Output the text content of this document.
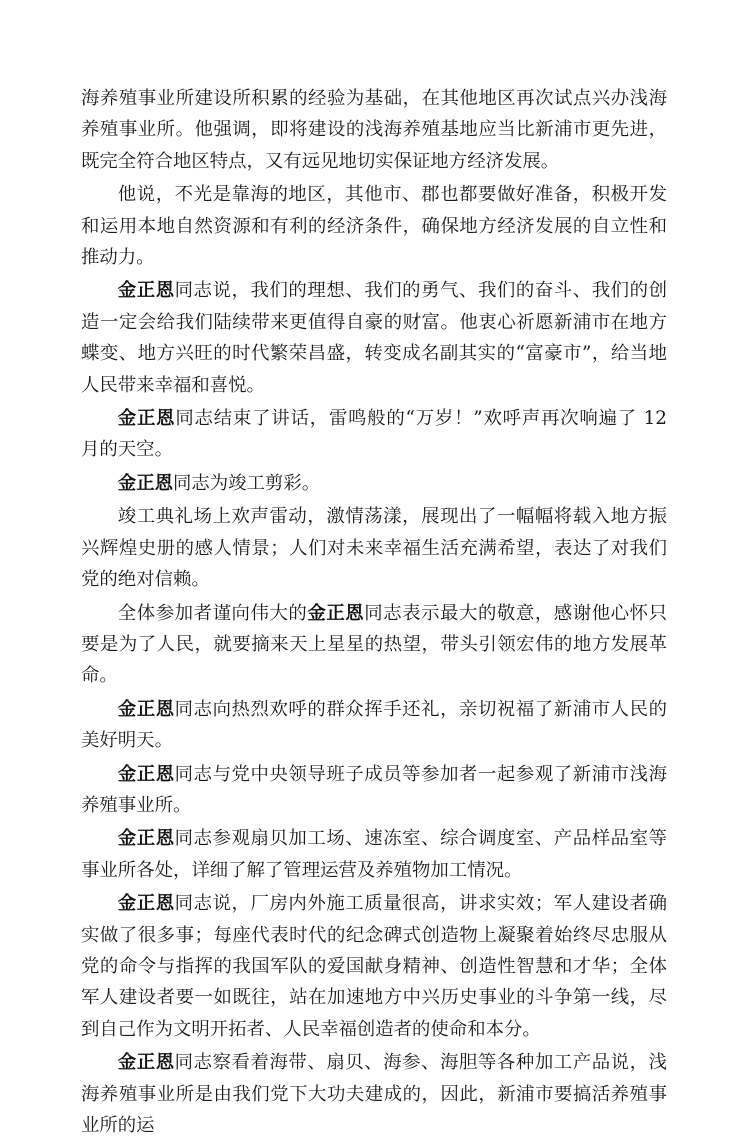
海养殖事业所建设所积累的经验为基础，在其他地区再次试点兴办浅海养殖事业所。他强调，即将建设的浅海养殖基地应当比新浦市更先进，既完全符合地区特点，又有远见地切实保证地方经济发展。

他说，不光是靠海的地区，其他市、郡也都要做好准备，积极开发和运用本地自然资源和有利的经济条件，确保地方经济发展的自立性和推动力。

金正恩同志说，我们的理想、我们的勇气、我们的奋斗、我们的创造一定会给我们陆续带来更值得自豪的财富。他衷心祈愿新浦市在地方蝶变、地方兴旺的时代繁荣昌盛，转变成名副其实的“富豪市”，给当地人民带来幸福和喜悦。

金正恩同志结束了讲话，雷鸣般的“万岁！”欢呼声再次响遍了 12 月的天空。

金正恩同志为竣工剪彩。

竣工典礼场上欢声雷动，激情荡漾，展现出了一幅幅将载入地方振兴辉煌史册的感人情景；人们对未来幸福生活充满希望，表达了对我们党的绝对信赖。

全体参加者谨向伟大的金正恩同志表示最大的敬意，感谢他心怀只要是为了人民，就要摘来天上星星的热望，带头引领宏伟的地方发展革命。

金正恩同志向热烈欢呼的群众挥手还礼，亲切祝福了新浦市人民的美好明天。

金正恩同志与党中央领导班子成员等参加者一起参观了新浦市浅海养殖事业所。

金正恩同志参观扇贝加工场、速冻室、综合调度室、产品样品室等事业所各处，详细了解了管理运营及养殖物加工情况。

金正恩同志说，厂房内外施工质量很高，讲求实效；军人建设者确实做了很多事；每座代表时代的纪念碑式创造物上凝聚着始终尽忠服从党的命令与指挥的我国军队的爱国献身精神、创造性智慧和才华；全体军人建设者要一如既往，站在加速地方中兴历史事业的斗争第一线，尽到自己作为文明开拓者、人民幸福创造者的使命和本分。

金正恩同志察看着海带、扇贝、海参、海胆等各种加工产品说，浅海养殖事业所是由我们党下大功夫建成的，因此，新浦市要搞活养殖事业所的运
